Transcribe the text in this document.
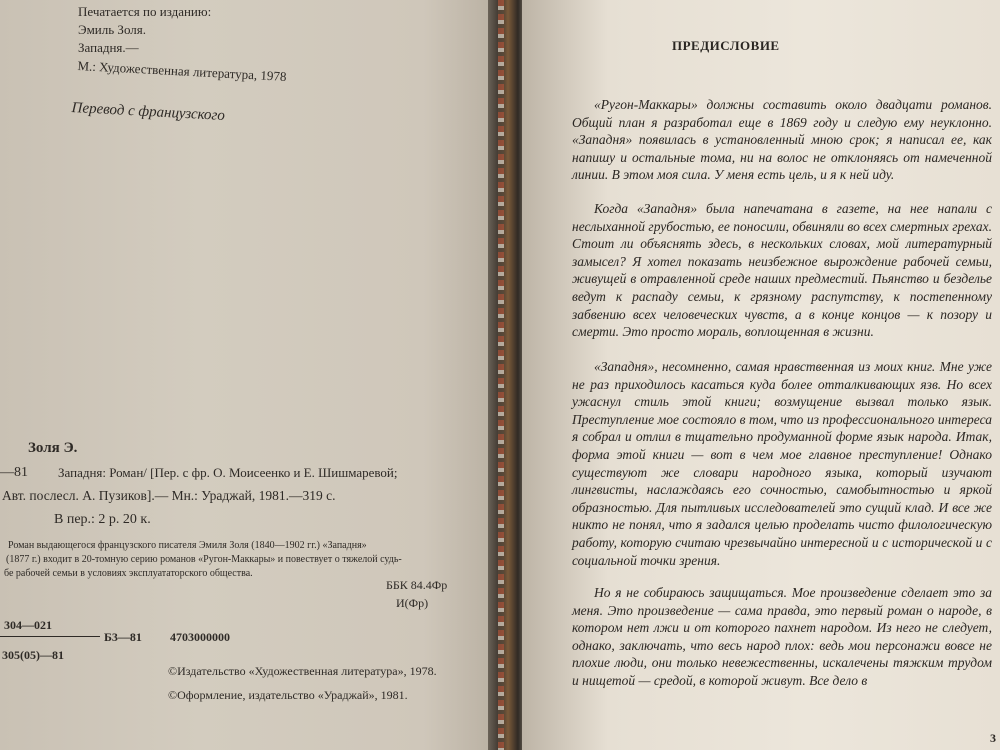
Печатается по изданию:
Эмиль Золя.
Западня.—
М.: Художественная литература, 1978
Перевод с французского
Золя Э.
—81 Западня: Роман/ [Пер. с фр. О. Моисеенко и Е. Шишмаревой;
Авт. послесл. А. Пузиков].— Мн.: Ураджай, 1981.—319 с.
В пер.: 2 р. 20 к.
Роман выдающегося французского писателя Эмиля Золя (1840—1902 гг.) «Западня»
(1877 г.) входит в 20-томную серию романов «Ругон-Маккары» и повествует о тяжелой судь-
бе рабочей семьи в условиях эксплуататорского общества.
ББК 84.4Фр
И(Фр)
304—021
Б3—81 4703000000
305(05)—81
©Издательство «Художественная литература», 1978.
©Оформление, издательство «Ураджай», 1981.
ПРЕДИСЛОВИЕ
«Ругон-Маккары» должны составить около двадцати романов. Общий план я разработал еще в 1869 году и следую ему неуклонно. «Западня» появилась в установленный мною срок; я написал ее, как напишу и остальные тома, ни на волос не отклоняясь от намеченной линии. В этом моя сила. У меня есть цель, и я к ней иду.
Когда «Западня» была напечатана в газете, на нее напали с неслыханной грубостью, ее поносили, обвиняли во всех смертных грехах. Стоит ли объяснять здесь, в нескольких словах, мой литературный замысел? Я хотел показать неизбежное вырождение рабочей семьи, живущей в отравленной среде наших предместий. Пьянство и безделье ведут к распаду семьи, к грязному распутству, к постепенному забвению всех человеческих чувств, а в конце концов — к позору и смерти. Это просто мораль, воплощенная в жизни.
«Западня», несомненно, самая нравственная из моих книг. Мне уже не раз приходилось касаться куда более отталкивающих язв. Но всех ужаснул стиль этой книги; возмущение вызвал только язык. Преступление мое состояло в том, что из профессионального интереса я собрал и отлил в тщательно продуманной форме язык народа. Итак, форма этой книги — вот в чем мое главное преступление! Однако существуют же словари народного языка, который изучают лингвисты, наслаждаясь его сочностью, самобытностью и яркой образностью. Для пытливых исследователей это сущий клад. И все же никто не понял, что я задался целью проделать чисто филологическую работу, которую считаю чрезвычайно интересной и с исторической и с социальной точки зрения.
Но я не собираюсь защищаться. Мое произведение сделает это за меня. Это произведение — сама правда, это первый роман о народе, в котором нет лжи и от которого пахнет народом. Из него не следует, однако, заключать, что весь народ плох: ведь мои персонажи вовсе не плохие люди, они только невежественны, искалечены тяжким трудом и нищетой — средой, в которой живут. Все дело в
3
